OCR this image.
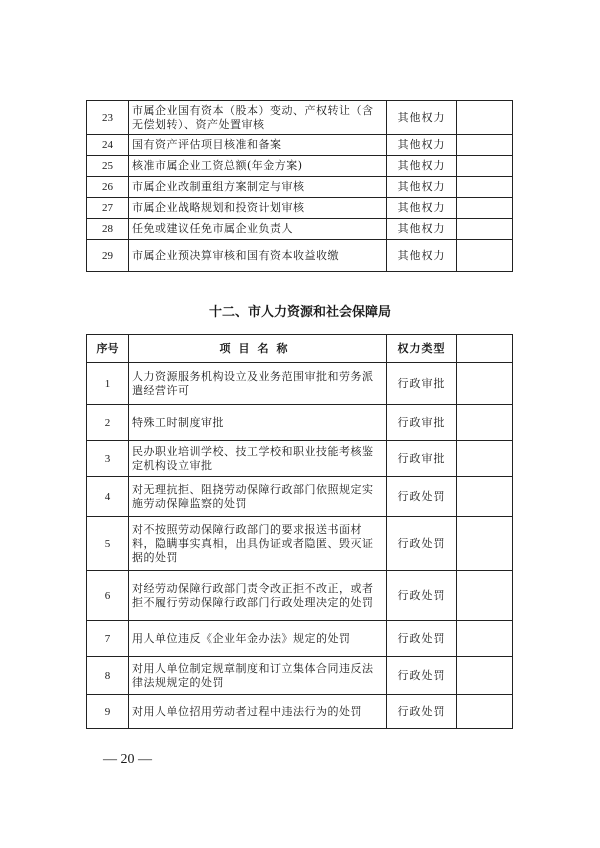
23	市属企业国有资本（股本）变动、产权转让（含无偿划转）、资产处置审核	其他权力	
24	国有资产评估项目核准和备案	其他权力	
25	核准市属企业工资总额(年金方案)	其他权力	
26	市属企业改制重组方案制定与审核	其他权力	
27	市属企业战略规划和投资计划审核	其他权力	
28	任免或建议任免市属企业负责人	其他权力	
29	市属企业预决算审核和国有资本收益收缴	其他权力	
十二、市人力资源和社会保障局
序号	项目名称	权力类型	
1	人力资源服务机构设立及业务范围审批和劳务派遣经营许可	行政审批	
2	特殊工时制度审批	行政审批	
3	民办职业培训学校、技工学校和职业技能考核鉴定机构设立审批	行政审批	
4	对无理抗拒、阻挠劳动保障行政部门依照规定实施劳动保障监察的处罚	行政处罚	
5	对不按照劳动保障行政部门的要求报送书面材料，隐瞒事实真相，出具伪证或者隐匿、毁灭证据的处罚	行政处罚	
6	对经劳动保障行政部门责令改正拒不改正，或者拒不履行劳动保障行政部门行政处理决定的处罚	行政处罚	
7	用人单位违反《企业年金办法》规定的处罚	行政处罚	
8	对用人单位制定规章制度和订立集体合同违反法律法规规定的处罚	行政处罚	
9	对用人单位招用劳动者过程中违法行为的处罚	行政处罚	
— 20 —
